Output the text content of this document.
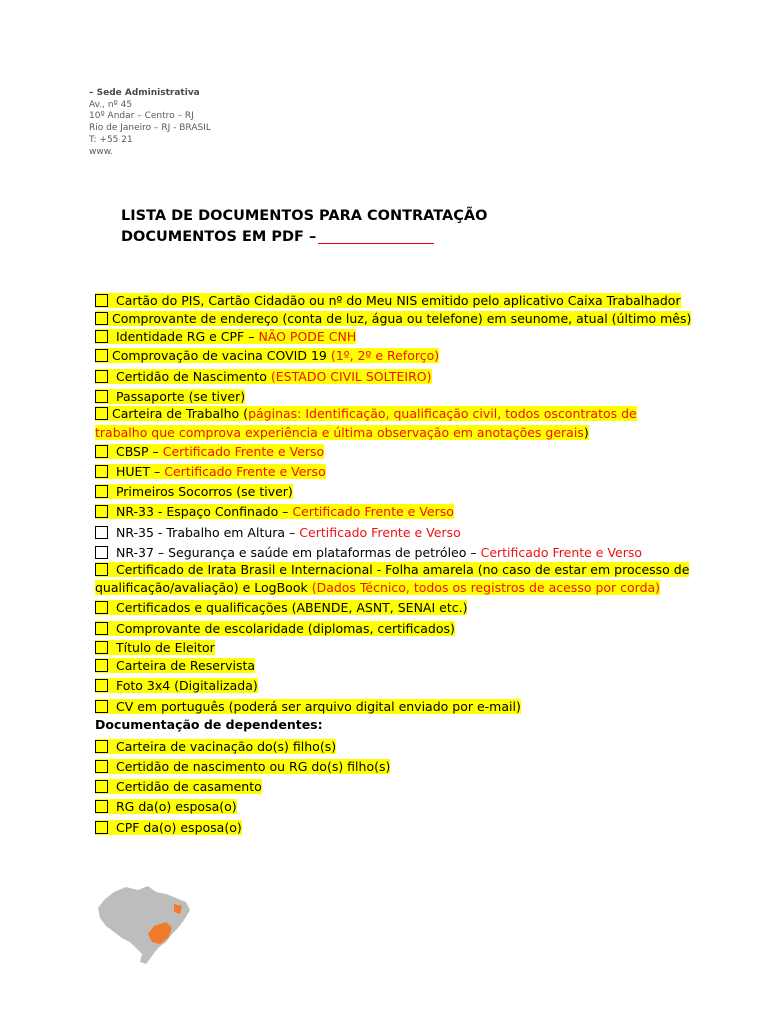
– Sede Administrativa
Av., nº 45
10º Andar – Centro – RJ
Rio de Janeiro – RJ - BRASIL
T: +55 21
www.
LISTA DE DOCUMENTOS PARA CONTRATAÇÃO
DOCUMENTOS EM PDF –
Cartão do PIS, Cartão Cidadão ou nº do Meu NIS emitido pelo aplicativo Caixa Trabalhador
Comprovante de endereço (conta de luz, água ou telefone) em seunome, atual (último mês)
Identidade RG e CPF – NÃO PODE CNH
Comprovação de vacina COVID 19 (1º, 2º e Reforço)
Certidão de Nascimento (ESTADO CIVIL SOLTEIRO)
Passaporte (se tiver)
Carteira de Trabalho (páginas: Identificação, qualificação civil, todos oscontratos de
trabalho que comprova experiência e última observação em anotações gerais)
CBSP – Certificado Frente e Verso
HUET – Certificado Frente e Verso
Primeiros Socorros (se tiver)
NR-33 - Espaço Confinado – Certificado Frente e Verso
NR-35 - Trabalho em Altura – Certificado Frente e Verso
NR-37 – Segurança e saúde em plataformas de petróleo – Certificado Frente e Verso
Certificado de Irata Brasil e Internacional - Folha amarela (no caso de estar em processo de
qualificação/avaliação) e LogBook (Dados Técnico, todos os registros de acesso por corda)
Certificados e qualificações (ABENDE, ASNT, SENAI etc.)
Comprovante de escolaridade (diplomas, certificados)
Título de Eleitor
Carteira de Reservista
Foto 3x4 (Digitalizada)
CV em português (poderá ser arquivo digital enviado por e-mail)
Documentação de dependentes:
Carteira de vacinação do(s) filho(s)
Certidão de nascimento ou RG do(s) filho(s)
Certidão de casamento
RG da(o) esposa(o)
CPF da(o) esposa(o)
